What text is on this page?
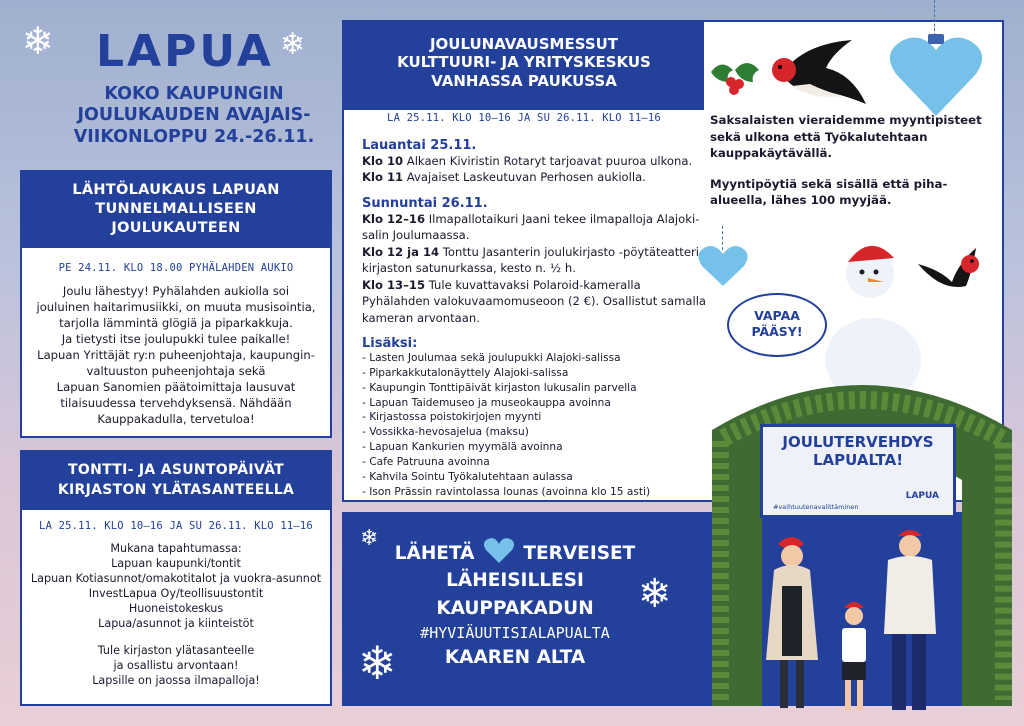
❄ LAPUA ❄
KOKO KAUPUNGIN
JOULUKAUDEN AVAJAIS-
VIIKONLOPPU 24.-26.11.
LÄHTÖLAUKAUS LAPUAN
TUNNELMALLISEEN
JOULUKAUTEEN
PE 24.11. KLO 18.00 PYHÄLAHDEN AUKIO
Joulu lähestyy! Pyhälahden aukiolla soi
jouluinen haitarimusiikki, on muuta musisointia,
tarjolla lämmintä glögiä ja piparkakkuja.
Ja tietysti itse joulupukki tulee paikalle!
Lapuan Yrittäjät ry:n puheenjohtaja, kaupungin-
valtuuston puheenjohtaja sekä
Lapuan Sanomien päätoimittaja lausuvat
tilaisuudessa tervehdyksensä. Nähdään
Kauppakadulla, tervetuloa!
TONTTI- JA ASUNTOPÄIVÄT
KIRJASTON YLÄTASANTEELLA
LA 25.11. KLO 10—16 JA SU 26.11. KLO 11—16
Mukana tapahtumassa:
Lapuan kaupunki/tontit
Lapuan Kotiasunnot/omakotitalot ja vuokra-asunnot
InvestLapua Oy/teollisuustontit
Huoneistokeskus
Lapua/asunnot ja kiinteistöt
Tule kirjaston ylätasanteelle
ja osallistu arvontaan!
Lapsille on jaossa ilmapalloja!
JOULUNAVAUSMESSUT
KULTTUURI- JA YRITYSKESKUS
VANHASSA PAUKUSSA
LA 25.11. KLO 10—16 JA SU 26.11. KLO 11—16
Lauantai 25.11.
Klo 10 Alkaen Kiviristin Rotaryt tarjoavat puuroa ulkona.
Klo 11 Avajaiset Laskeutuvan Perhosen aukiolla.
Sunnuntai 26.11.
Klo 12–16 Ilmapallotaikuri Jaani tekee ilmapalloja Alajoki-salin Joulumaassa.
Klo 12 ja 14 Tonttu Jasanterin joulukirjasto -pöytäteatteri kirjaston satunurkassa, kesto n. ½ h.
Klo 13–15 Tule kuvattavaksi Polaroid-kameralla Pyhälahden valokuvaamomuseoon (2 €). Osallistut samalla kameran arvontaan.
Lisäksi:
- Lasten Joulumaa sekä joulupukki Alajoki-salissa
- Piparkakkutalonäyttely Alajoki-salissa
- Kaupungin Tonttipäivät kirjaston lukusalin parvella
- Lapuan Taidemuseo ja museokauppa avoinna
- Kirjastossa poistokirjojen myynti
- Vossikka-hevosajelua (maksu)
- Lapuan Kankurien myymälä avoinna
- Cafe Patruuna avoinna
- Kahvila Sointu Työkalutehtaan aulassa
- Ison Prässin ravintolassa lounas (avoinna klo 15 asti)

Saksalaisten vieraidemme myyntipisteet sekä ulkona että Työkalutehtaan kauppakäytävällä.

Myyntipöytiä sekä sisällä että piha-alueella, lähes 100 myyjää.

VAPAA
PÄÄSY!
❄
❄
❄
LÄHETÄ	TERVEISET
LÄHEISILLESI
KAUPPAKADUN
#HYVIÄUUTISIALAPUALTA
KAAREN ALTA
JOULUTERVEHDYS
LAPUALTA!
LAPUA
#vaihtuutenavalittäminen
